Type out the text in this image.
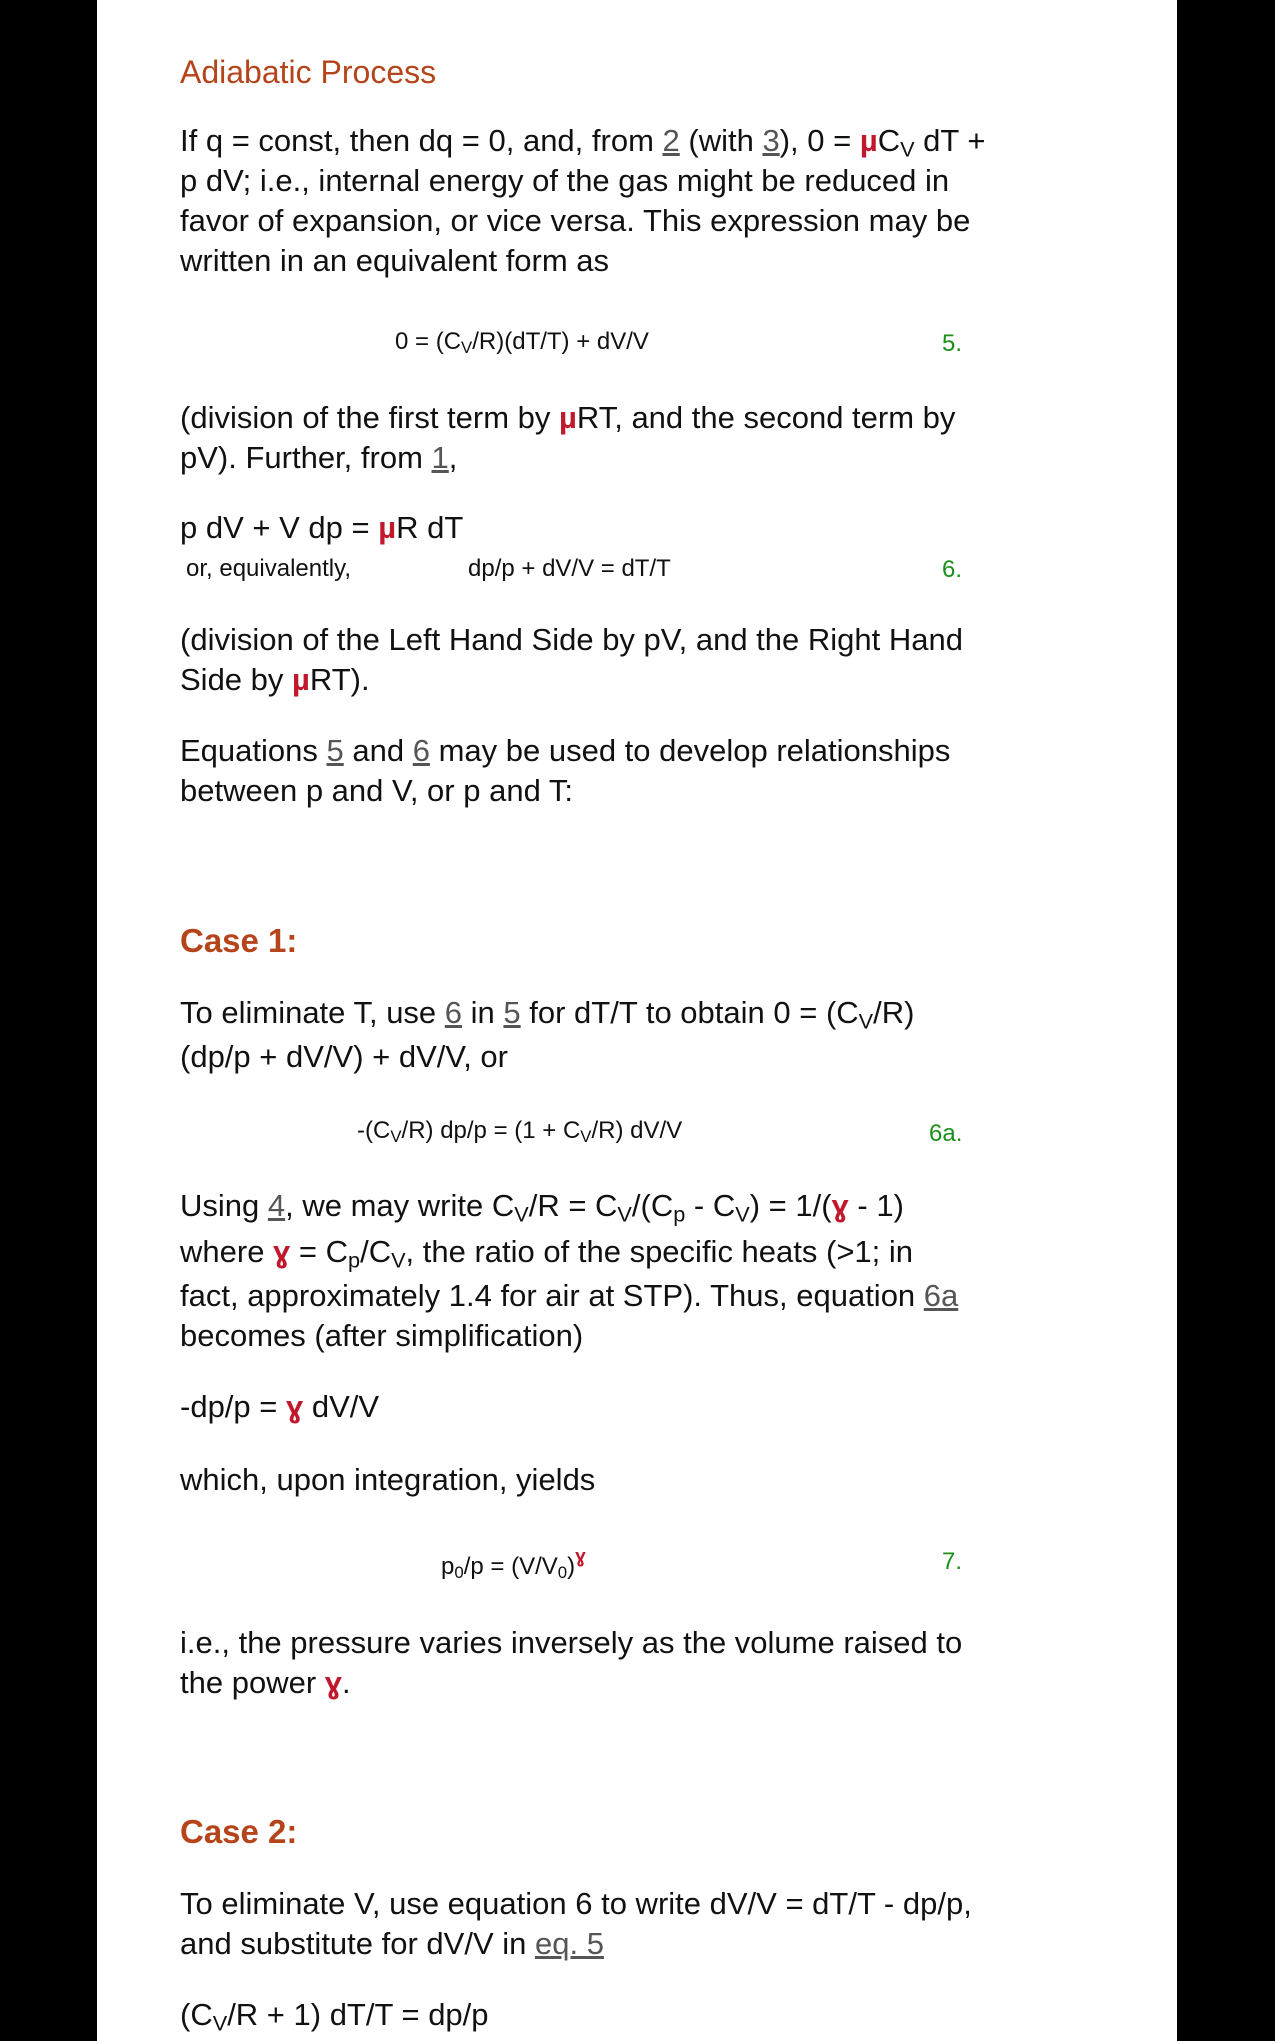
Adiabatic Process
If q = const, then dq = 0, and, from 2 (with 3), 0 = µC$_V$ dT +
p dV; i.e., internal energy of the gas might be reduced in
favor of expansion, or vice versa. This expression may be
written in an equivalent form as
$0 = (C_V/R)(dT/T) + dV/V$	5.
(division of the first term by µRT, and the second term by
pV). Further, from 1,
p dV + V dp = µR dT
or, equivalently,	dp/p + dV/V = dT/T	6.
(division of the Left Hand Side by pV, and the Right Hand
Side by µRT).
Equations 5 and 6 may be used to develop relationships
between p and V, or p and T:
Case 1:
To eliminate T, use 6 in 5 for dT/T to obtain $0 = (C_V/R)$
(dp/p + dV/V) + dV/V, or
$-(C_V/R) dp/p = (1 + C_V/R)$ dV/V	6a.
Using 4, we may write $C_V/R = C_V/(C_p - C_V)$ = 1/(ɣ - 1)
where ɣ = $C_p/C_V$, the ratio of the specific heats (>1; in
fact, approximately 1.4 for air at STP). Thus, equation 6a
becomes (after simplification)
-dp/p = ɣ dV/V
which, upon integration, yields
$p_0/p = (V/V_0)^ɣ$	7.
i.e., the pressure varies inversely as the volume raised to
the power ɣ.
Case 2:
To eliminate V, use equation 6 to write dV/V = dT/T - dp/p,
and substitute for dV/V in eq. 5
$(C_V/R + 1) dT/T = dp/p$
